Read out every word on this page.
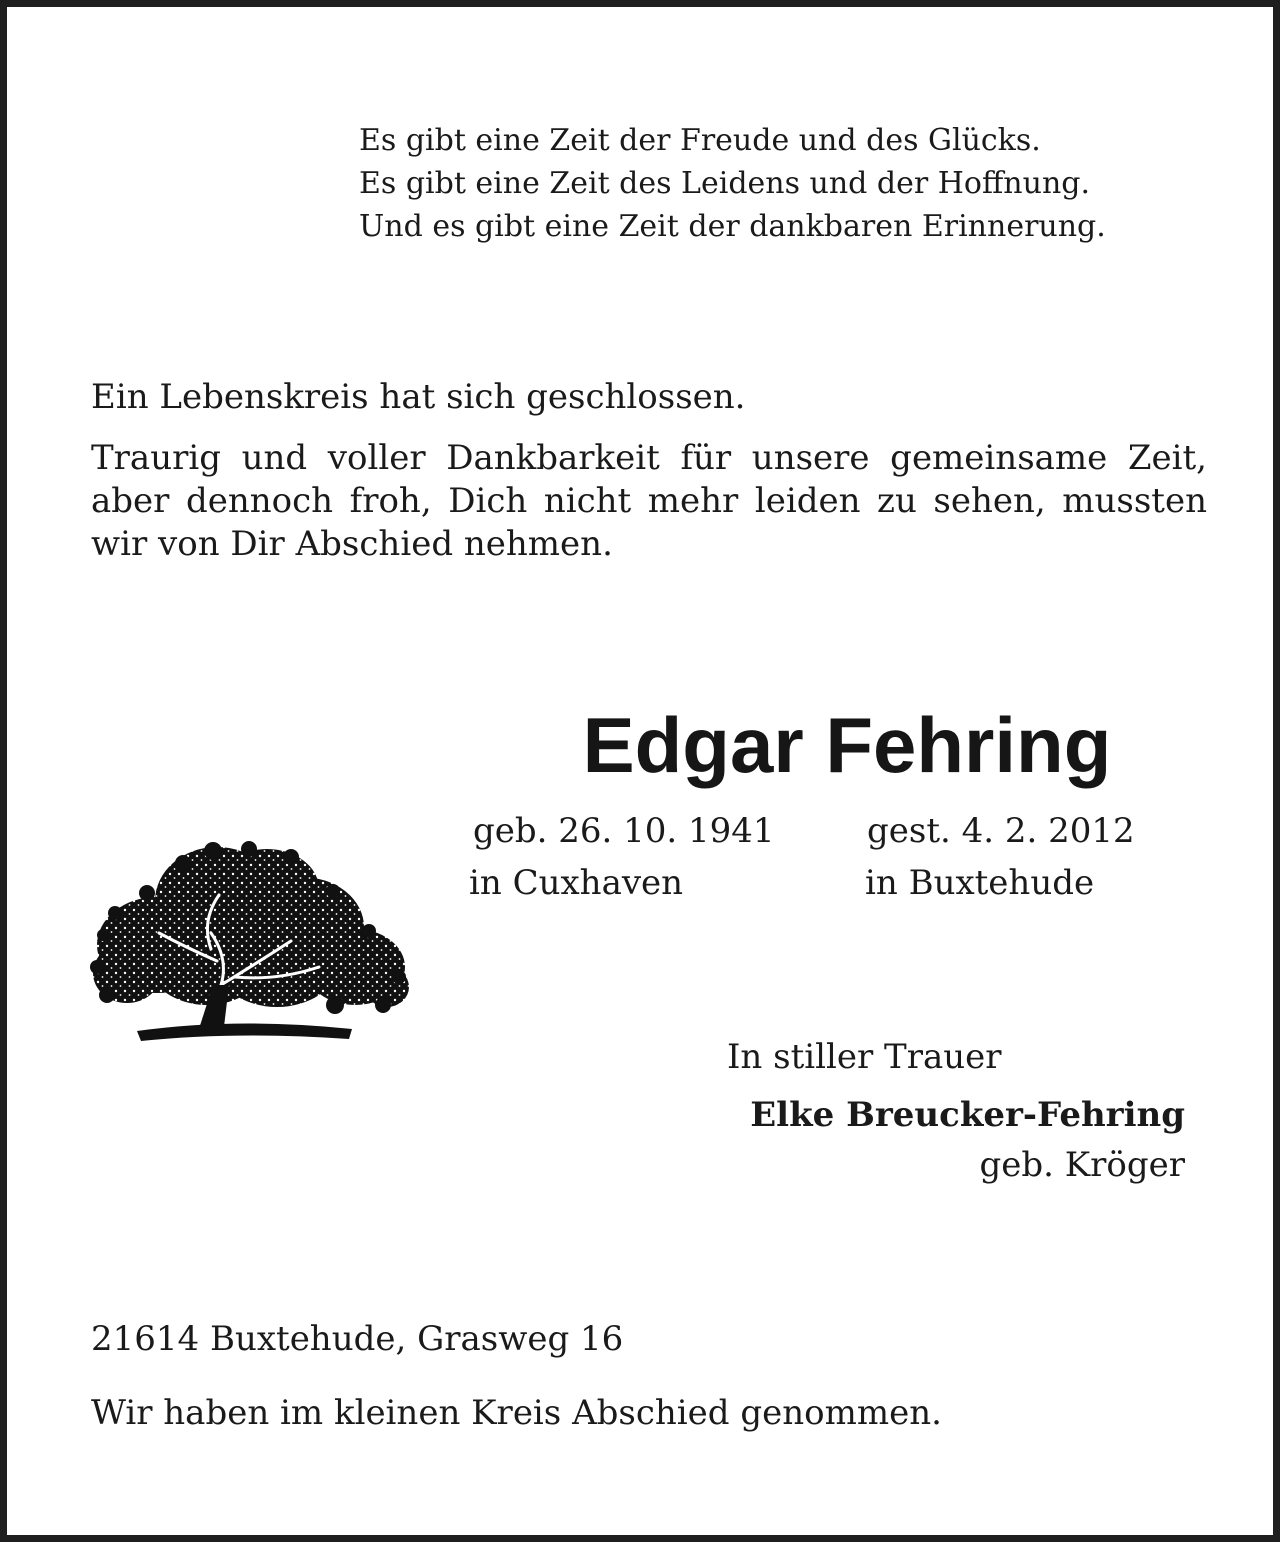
Es gibt eine Zeit der Freude und des Glücks.
Es gibt eine Zeit des Leidens und der Hoffnung.
Und es gibt eine Zeit der dankbaren Erinnerung.

Ein Lebenskreis hat sich geschlossen.

Traurig und voller Dankbarkeit für unsere gemeinsame Zeit, aber dennoch froh, Dich nicht mehr leiden zu sehen, mussten wir von Dir Abschied nehmen.

Edgar Fehring
geb. 26. 10. 1941
in Cuxhaven
gest. 4. 2. 2012
in Buxtehude
In stiller Trauer
Elke Breucker-Fehring
geb. Kröger
21614 Buxtehude, Grasweg 16
Wir haben im kleinen Kreis Abschied genommen.
